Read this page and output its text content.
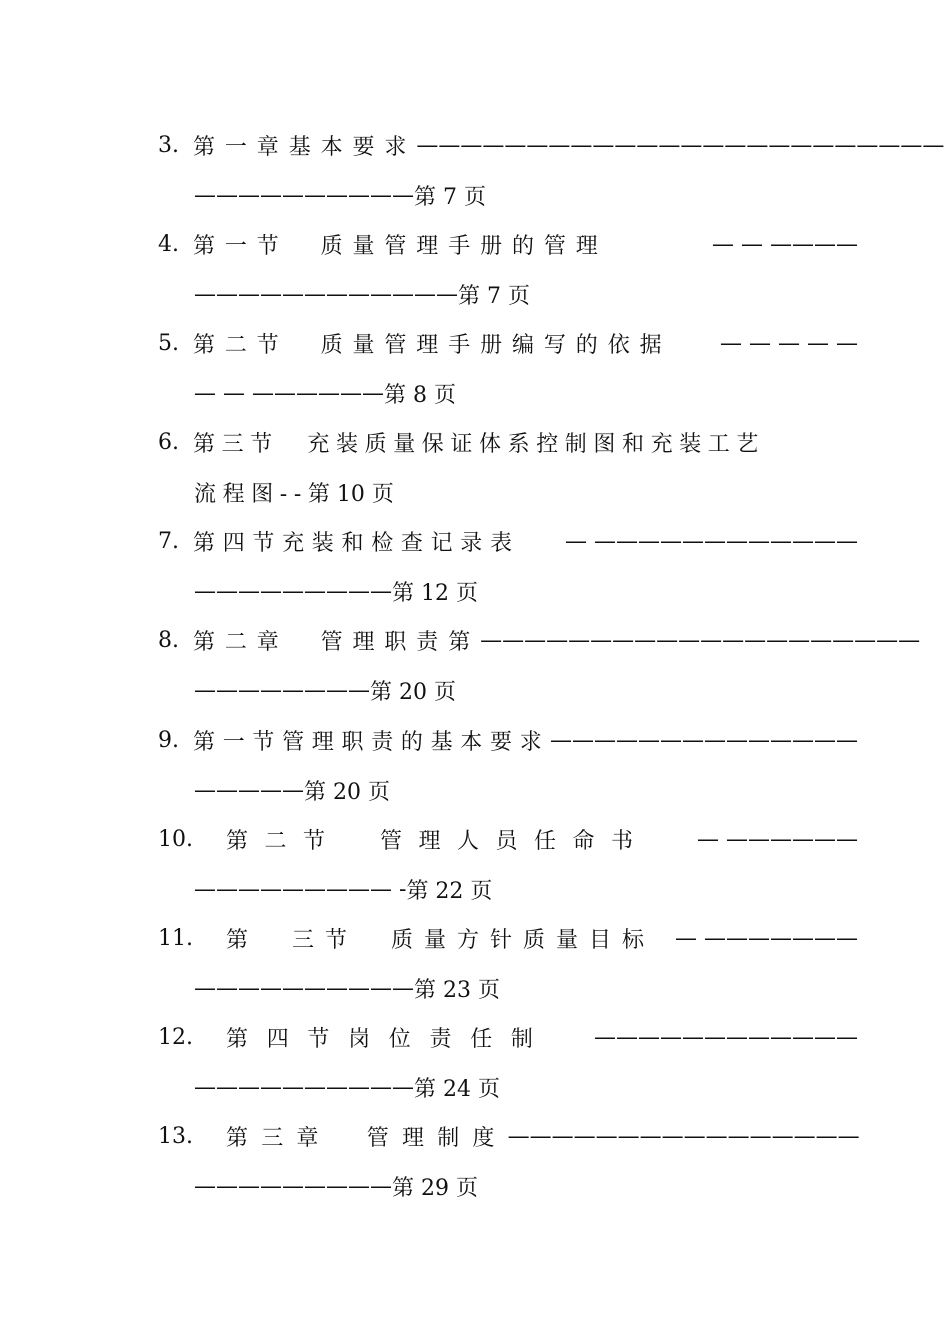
3. 第一章基本要求 ————————————————————————
—————————— 第 7 页
4. 第一节　质量管理手册的管理	— — ————
———————————— 第 7 页
5. 第二节　质量管理手册编写的依据	— — — — —
— — —————— 第 8 页
6. 第三节　充装质量保证体系控制图和充装工艺
流程图-- 第 10 页
7. 第四节充装和检查记录表	— ————————————
————————— 第 12 页
8. 第二章　管理职责第 ————————————————————
———————— 第 20 页
9. 第一节管理职责的基本要求 ——————————————
————— 第 20 页
10.	第二节　管理人员任命书	— ——————
————————— - 第 22 页
11.	第　三节　质量方针质量目标 — ———————
—————————— 第 23 页
12.	第四节岗位责任制	————————————
—————————— 第 24 页
13.	第三章　管理制度 ————————————————
————————— 第 29 页
